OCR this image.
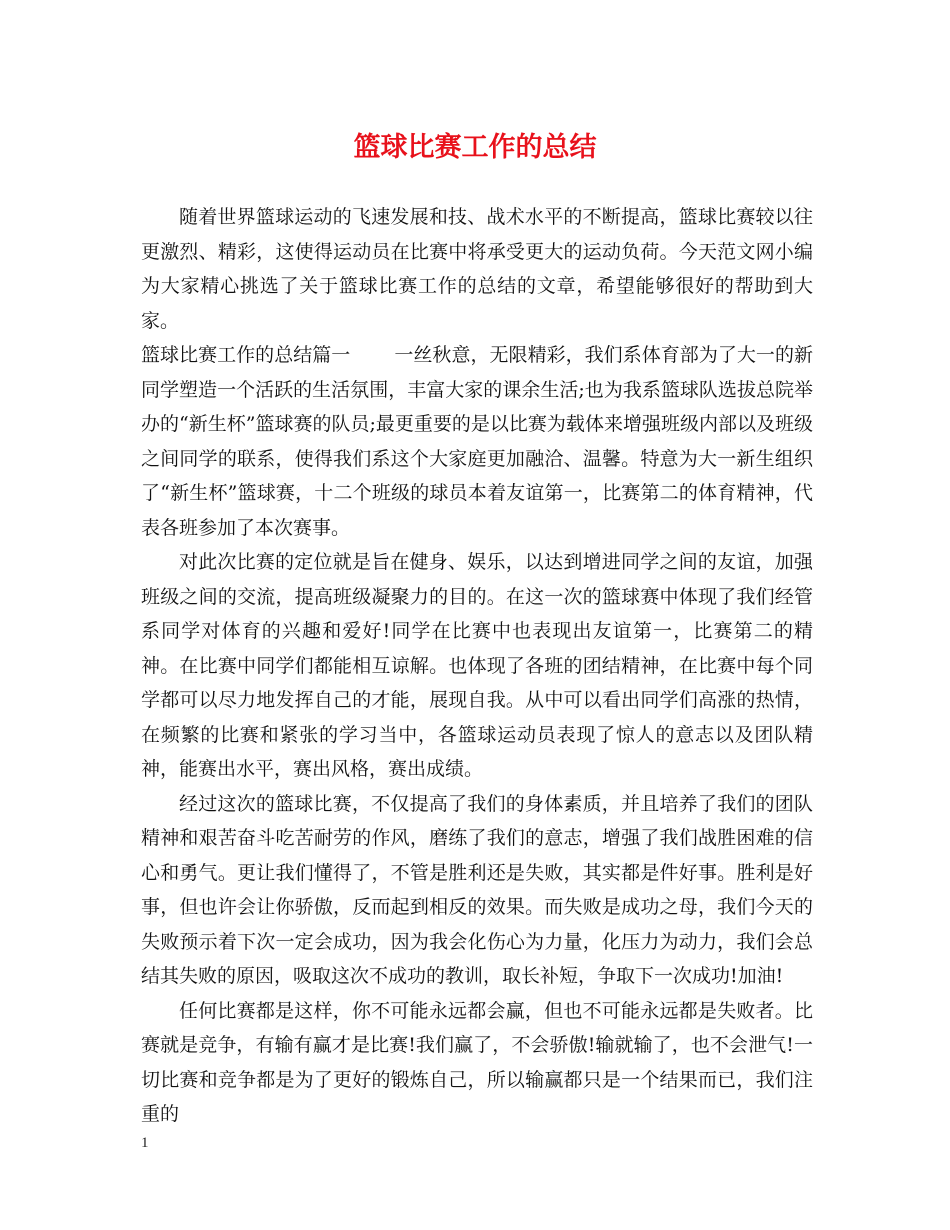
篮球比赛工作的总结

随着世界篮球运动的飞速发展和技、战术水平的不断提高，篮球比赛较以往更激烈、精彩，这使得运动员在比赛中将承受更大的运动负荷。今天范文网小编为大家精心挑选了关于篮球比赛工作的总结的文章，希望能够很好的帮助到大家。

篮球比赛工作的总结篇一 一丝秋意，无限精彩，我们系体育部为了大一的新同学塑造一个活跃的生活氛围，丰富大家的课余生活;也为我系篮球队选拔总院举办的“新生杯”篮球赛的队员;最更重要的是以比赛为载体来增强班级内部以及班级之间同学的联系，使得我们系这个大家庭更加融洽、温馨。特意为大一新生组织了“新生杯”篮球赛，十二个班级的球员本着友谊第一，比赛第二的体育精神，代表各班参加了本次赛事。

对此次比赛的定位就是旨在健身、娱乐，以达到增进同学之间的友谊，加强班级之间的交流，提高班级凝聚力的目的。在这一次的篮球赛中体现了我们经管系同学对体育的兴趣和爱好!同学在比赛中也表现出友谊第一，比赛第二的精神。在比赛中同学们都能相互谅解。也体现了各班的团结精神，在比赛中每个同学都可以尽力地发挥自己的才能，展现自我。从中可以看出同学们高涨的热情，在频繁的比赛和紧张的学习当中，各篮球运动员表现了惊人的意志以及团队精神，能赛出水平，赛出风格，赛出成绩。

经过这次的篮球比赛，不仅提高了我们的身体素质，并且培养了我们的团队精神和艰苦奋斗吃苦耐劳的作风，磨练了我们的意志，增强了我们战胜困难的信心和勇气。更让我们懂得了，不管是胜利还是失败，其实都是件好事。胜利是好事，但也许会让你骄傲，反而起到相反的效果。而失败是成功之母，我们今天的失败预示着下次一定会成功，因为我会化伤心为力量，化压力为动力，我们会总结其失败的原因，吸取这次不成功的教训，取长补短，争取下一次成功!加油!

任何比赛都是这样，你不可能永远都会赢，但也不可能永远都是失败者。比赛就是竞争，有输有赢才是比赛!我们赢了，不会骄傲!输就输了，也不会泄气!一切比赛和竞争都是为了更好的锻炼自己，所以输赢都只是一个结果而已，我们注重的

1
